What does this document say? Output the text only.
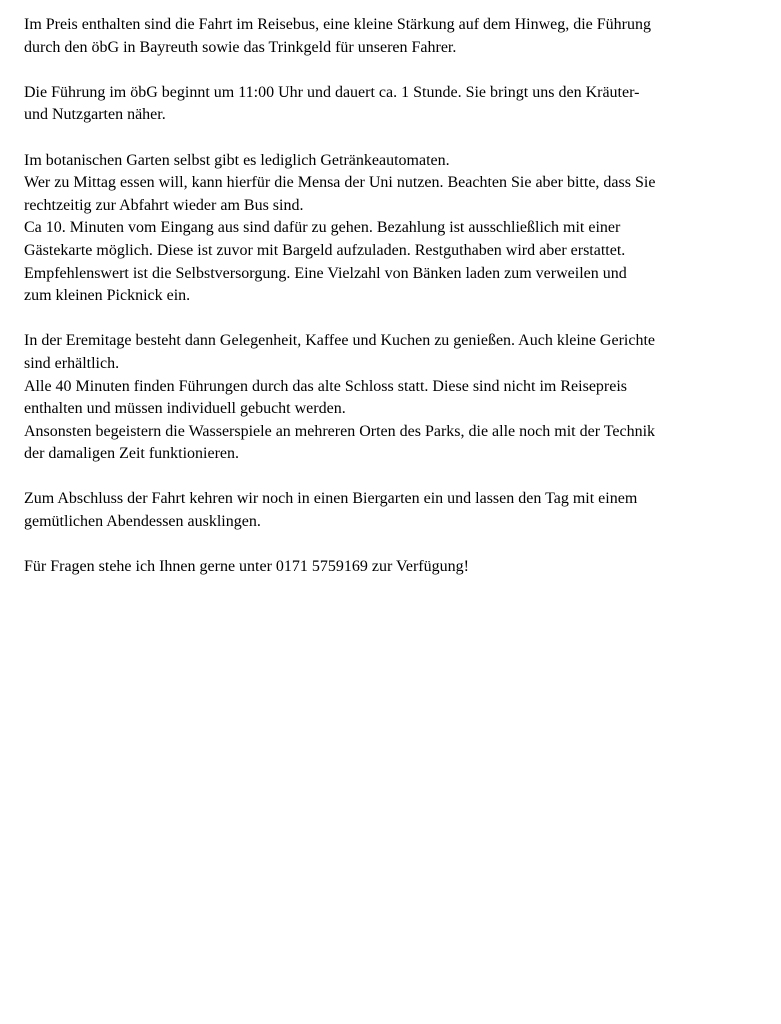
Im Preis enthalten sind die Fahrt im Reisebus, eine kleine Stärkung auf dem Hinweg, die Führung
durch den öbG in Bayreuth sowie das Trinkgeld für unseren Fahrer.

Die Führung im öbG beginnt um 11:00 Uhr und dauert ca. 1 Stunde. Sie bringt uns den Kräuter-
und Nutzgarten näher.

Im botanischen Garten selbst gibt es lediglich Getränkeautomaten.
Wer zu Mittag essen will, kann hierfür die Mensa der Uni nutzen. Beachten Sie aber bitte, dass Sie
rechtzeitig zur Abfahrt wieder am Bus sind.
Ca 10. Minuten vom Eingang aus sind dafür zu gehen. Bezahlung ist ausschließlich mit einer
Gästekarte möglich. Diese ist zuvor mit Bargeld aufzuladen. Restguthaben wird aber erstattet.
Empfehlenswert ist die Selbstversorgung. Eine Vielzahl von Bänken laden zum verweilen und
zum kleinen Picknick ein.

In der Eremitage besteht dann Gelegenheit, Kaffee und Kuchen zu genießen. Auch kleine Gerichte
sind erhältlich.
Alle 40 Minuten finden Führungen durch das alte Schloss statt. Diese sind nicht im Reisepreis
enthalten und müssen individuell gebucht werden.
Ansonsten begeistern die Wasserspiele an mehreren Orten des Parks, die alle noch mit der Technik
der damaligen Zeit funktionieren.

Zum Abschluss der Fahrt kehren wir noch in einen Biergarten ein und lassen den Tag mit einem
gemütlichen Abendessen ausklingen.

Für Fragen stehe ich Ihnen gerne unter 0171 5759169 zur Verfügung!
